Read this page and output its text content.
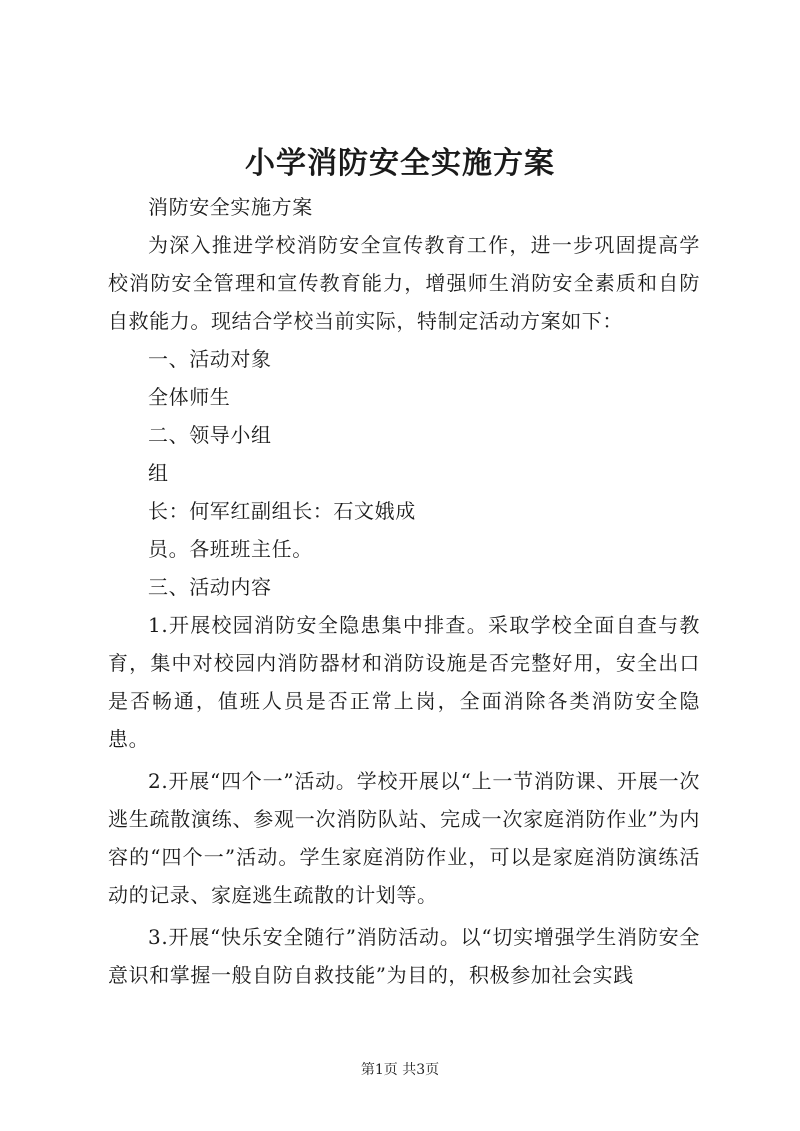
小学消防安全实施方案

消防安全实施方案

为深入推进学校消防安全宣传教育工作，进一步巩固提高学校消防安全管理和宣传教育能力，增强师生消防安全素质和自防自救能力。现结合学校当前实际，特制定活动方案如下：

一、活动对象

全体师生

二、领导小组

组

长：何军红副组长：石文娥成

员。各班班主任。

三、活动内容

1.开展校园消防安全隐患集中排查。采取学校全面自查与教育，集中对校园内消防器材和消防设施是否完整好用，安全出口是否畅通，值班人员是否正常上岗，全面消除各类消防安全隐患。

2.开展“四个一”活动。学校开展以“上一节消防课、开展一次逃生疏散演练、参观一次消防队站、完成一次家庭消防作业”为内容的“四个一”活动。学生家庭消防作业，可以是家庭消防演练活动的记录、家庭逃生疏散的计划等。

3.开展“快乐安全随行”消防活动。以“切实增强学生消防安全意识和掌握一般自防自救技能”为目的，积极参加社会实践

第1页 共3页
